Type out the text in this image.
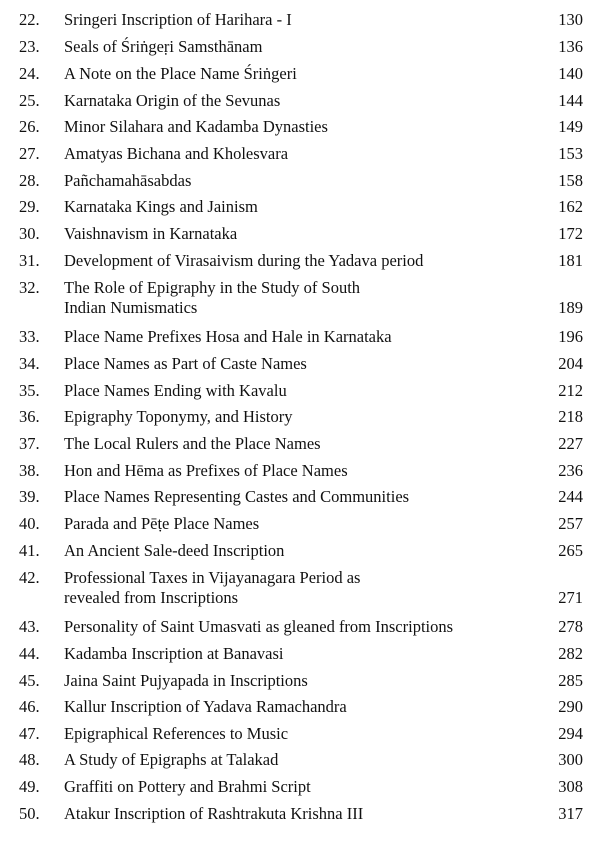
22. Sringeri Inscription of Harihara - I	130
23. Seals of Śriṅgeṛi Samsthānam	136
24. A Note on the Place Name Śriṅgeri	140
25. Karnataka Origin of the Sevunas	144
26. Minor Silahara and Kadamba Dynasties	149
27. Amatyas Bichana and Kholesvara	153
28. Pañchamahāsabdas	158
29. Karnataka Kings and Jainism	162
30. Vaishnavism in Karnataka	172
31. Development of Virasaivism during the Yadava period	181
32. The Role of Epigraphy in the Study of South
Indian Numismatics	189
33. Place Name Prefixes Hosa and Hale in Karnataka	196
34. Place Names as Part of Caste Names	204
35. Place Names Ending with Kavalu	212
36. Epigraphy Toponymy, and History	218
37. The Local Rulers and the Place Names	227
38. Hon and Hēma as Prefixes of Place Names	236
39. Place Names Representing Castes and Communities	244
40. Parada and Pēṭe Place Names	257
41. An Ancient Sale-deed Inscription	265
42. Professional Taxes in Vijayanagara Period as
revealed from Inscriptions	271
43. Personality of Saint Umasvati as gleaned from Inscriptions	278
44. Kadamba Inscription at Banavasi	282
45. Jaina Saint Pujyapada in Inscriptions	285
46. Kallur Inscription of Yadava Ramachandra	290
47. Epigraphical References to Music	294
48. A Study of Epigraphs at Talakad	300
49. Graffiti on Pottery and Brahmi Script	308
50. Atakur Inscription of Rashtrakuta Krishna III	317
